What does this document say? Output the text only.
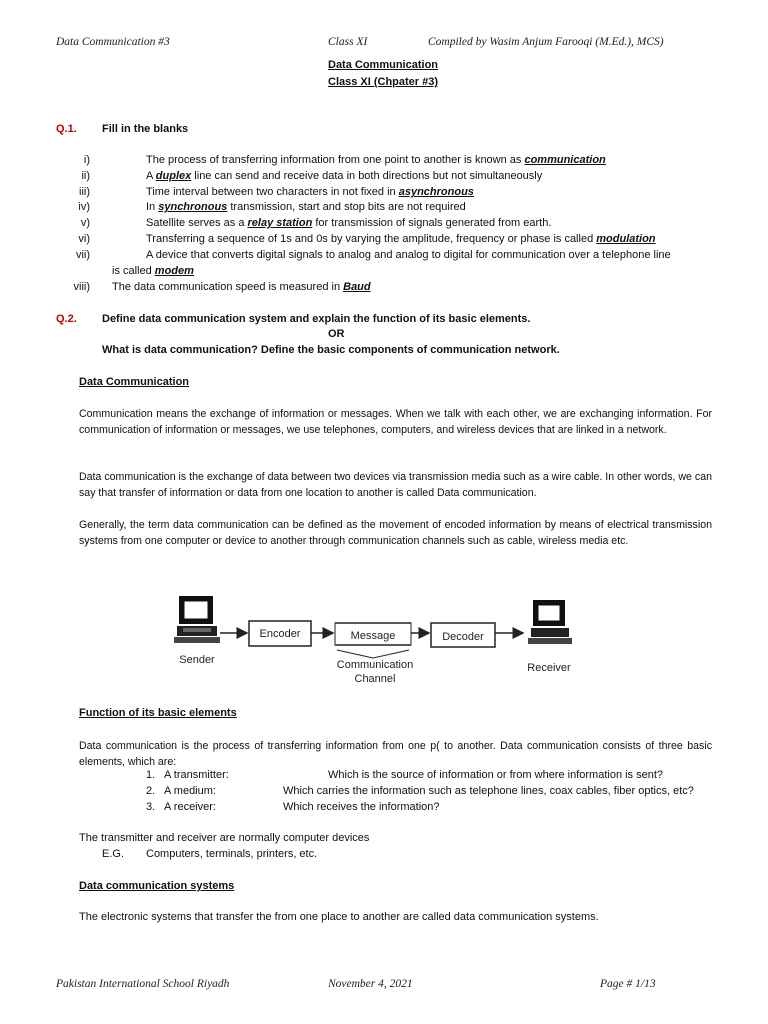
Data Communication #3	Class XI	Compiled by Wasim Anjum Farooqi (M.Ed.), MCS)
Data Communication
Class XI (Chpater #3)
Q.1. Fill in the blanks
i)	The process of transferring information from one point to another is known as communication
ii)	A duplex line can send and receive data in both directions but not simultaneously
iii)	Time interval between two characters in not fixed in asynchronous
iv)	In synchronous transmission, start and stop bits are not required
v)	Satellite serves as a relay station for transmission of signals generated from earth.
vi)	Transferring a sequence of 1s and 0s by varying the amplitude, frequency or phase is called modulation
vii)	A device that converts digital signals to analog and analog to digital for communication over a telephone line
is called modem
viii) The data communication speed is measured in Baud
Q.2. Define data communication system and explain the function of its basic elements.
OR
What is data communication? Define the basic components of communication network.
Data Communication
Communication means the exchange of information or messages. When we talk with each other, we are exchanging information. For communication of information or messages, we use telephones, computers, and wireless devices that are linked in a network.
Data communication is the exchange of data between two devices via transmission media such as a wire cable. In other words, we can say that transfer of information or data from one location to another is called Data communication.
Generally, the term data communication can be defined as the movement of encoded information by means of electrical transmission systems from one computer or device to another through communication channels such as cable, wireless media etc.
Encoder	Message	Decoder
Sender
Receiver
Communication
Channel
Function of its basic elements
Data communication is the process of transferring information from one p( to another. Data communication consists of three basic elements, which are:
1. A transmitter:	Which is the source of information or from where information is sent?
2. A medium:	Which carries the information such as telephone lines, coax cables, fiber optics, etc?
3. A receiver:	Which receives the information?
The transmitter and receiver are normally computer devices
E.G. Computers, terminals, printers, etc.
Data communication systems
The electronic systems that transfer the from one place to another are called data communication systems.
Pakistan International School Riyadh	November 4, 2021	Page # 1/13
